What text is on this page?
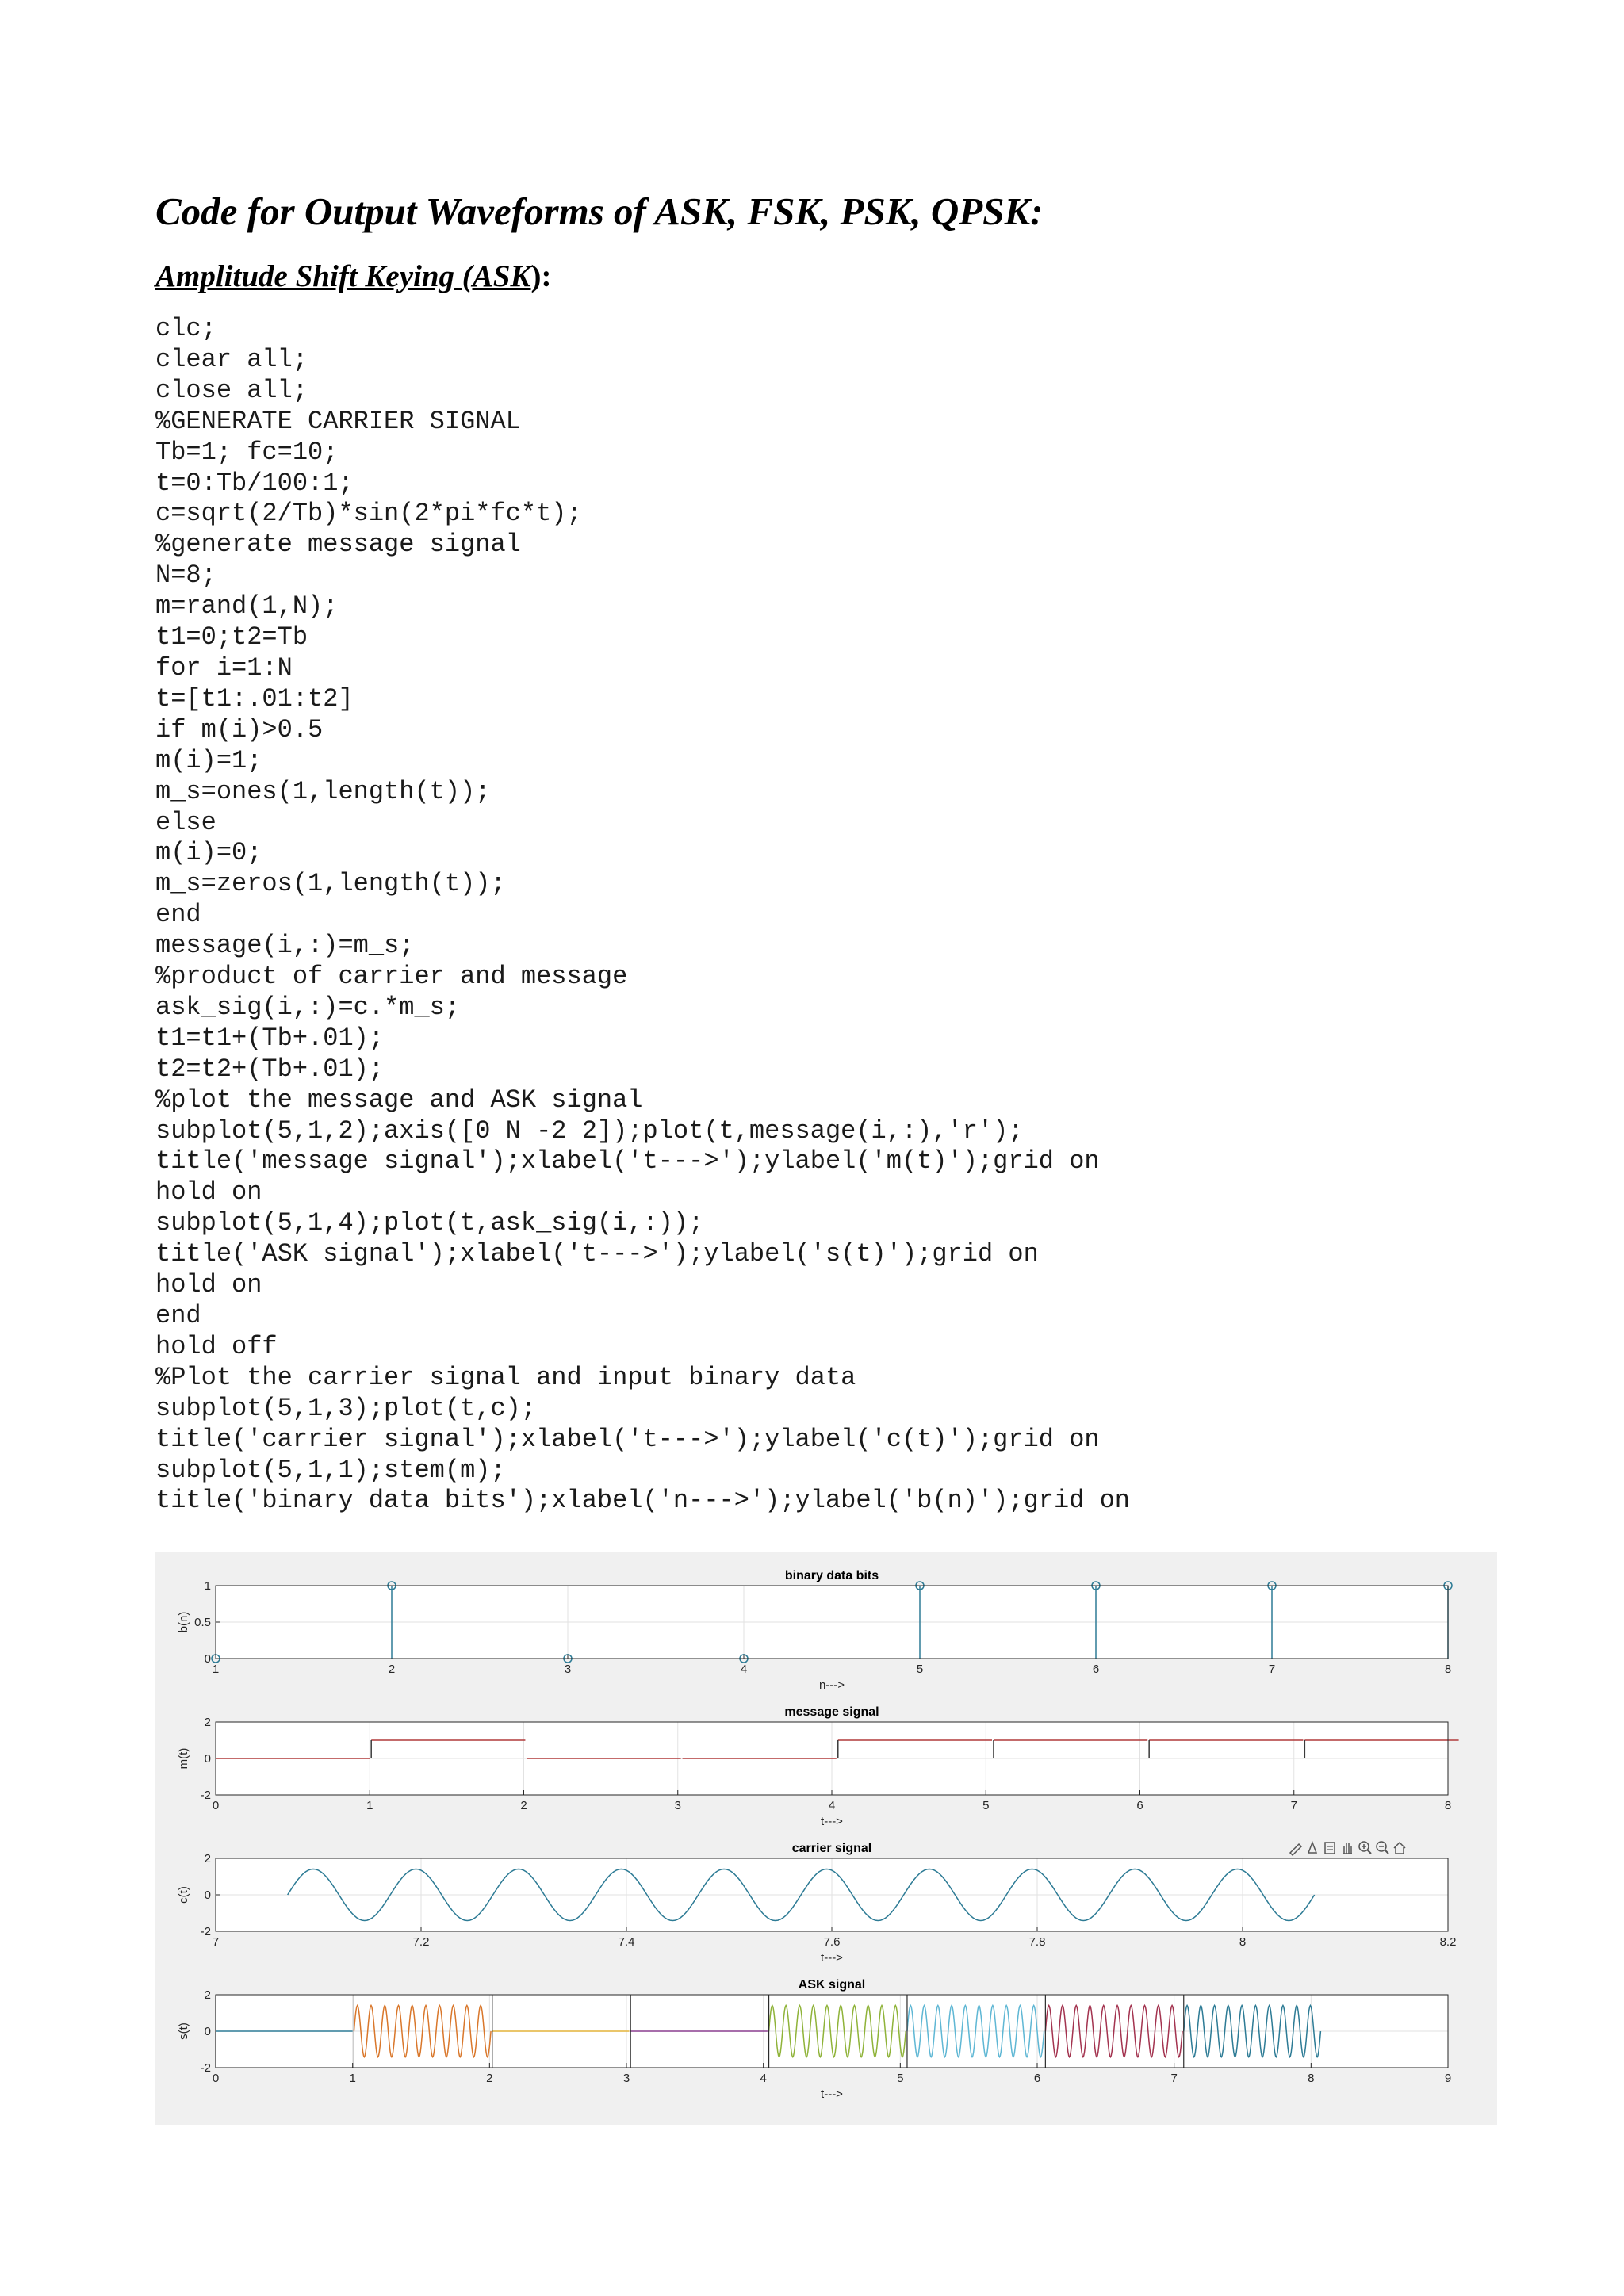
Code for Output Waveforms of ASK, FSK, PSK, QPSK:
Amplitude Shift Keying (ASK):
clc;
clear all;
close all;
%GENERATE CARRIER SIGNAL
Tb=1; fc=10;
t=0:Tb/100:1;
c=sqrt(2/Tb)*sin(2*pi*fc*t);
%generate message signal
N=8;
m=rand(1,N);
t1=0;t2=Tb
for i=1:N
t=[t1:.01:t2]
if m(i)>0.5
m(i)=1;
m_s=ones(1,length(t));
else
m(i)=0;
m_s=zeros(1,length(t));
end
message(i,:)=m_s;
%product of carrier and message
ask_sig(i,:)=c.*m_s;
t1=t1+(Tb+.01);
t2=t2+(Tb+.01);
%plot the message and ASK signal
subplot(5,1,2);axis([0 N -2 2]);plot(t,message(i,:),'r');
title('message signal');xlabel('t--->');ylabel('m(t)');grid on
hold on
subplot(5,1,4);plot(t,ask_sig(i,:));
title('ASK signal');xlabel('t--->');ylabel('s(t)');grid on
hold on
end
hold off
%Plot the carrier signal and input binary data
subplot(5,1,3);plot(t,c);
title('carrier signal');xlabel('t--->');ylabel('c(t)');grid on
subplot(5,1,1);stem(m);
title('binary data bits');xlabel('n--->');ylabel('b(n)');grid on
1	2	3	4	5	6	7	8
0
0.5
1
binary data bits
n--->
b(n)
0	1	2	3	4	5	6	7	8
-2
0
2
message signal
t--->
m(t)
7	7.2	7.4	7.6	7.8	8	8.2
-2
0
2
carrier signal
t--->
c(t)
0	1	2	3	4	5	6	7	8	9
-2
0
2
ASK signal
t--->
s(t)
